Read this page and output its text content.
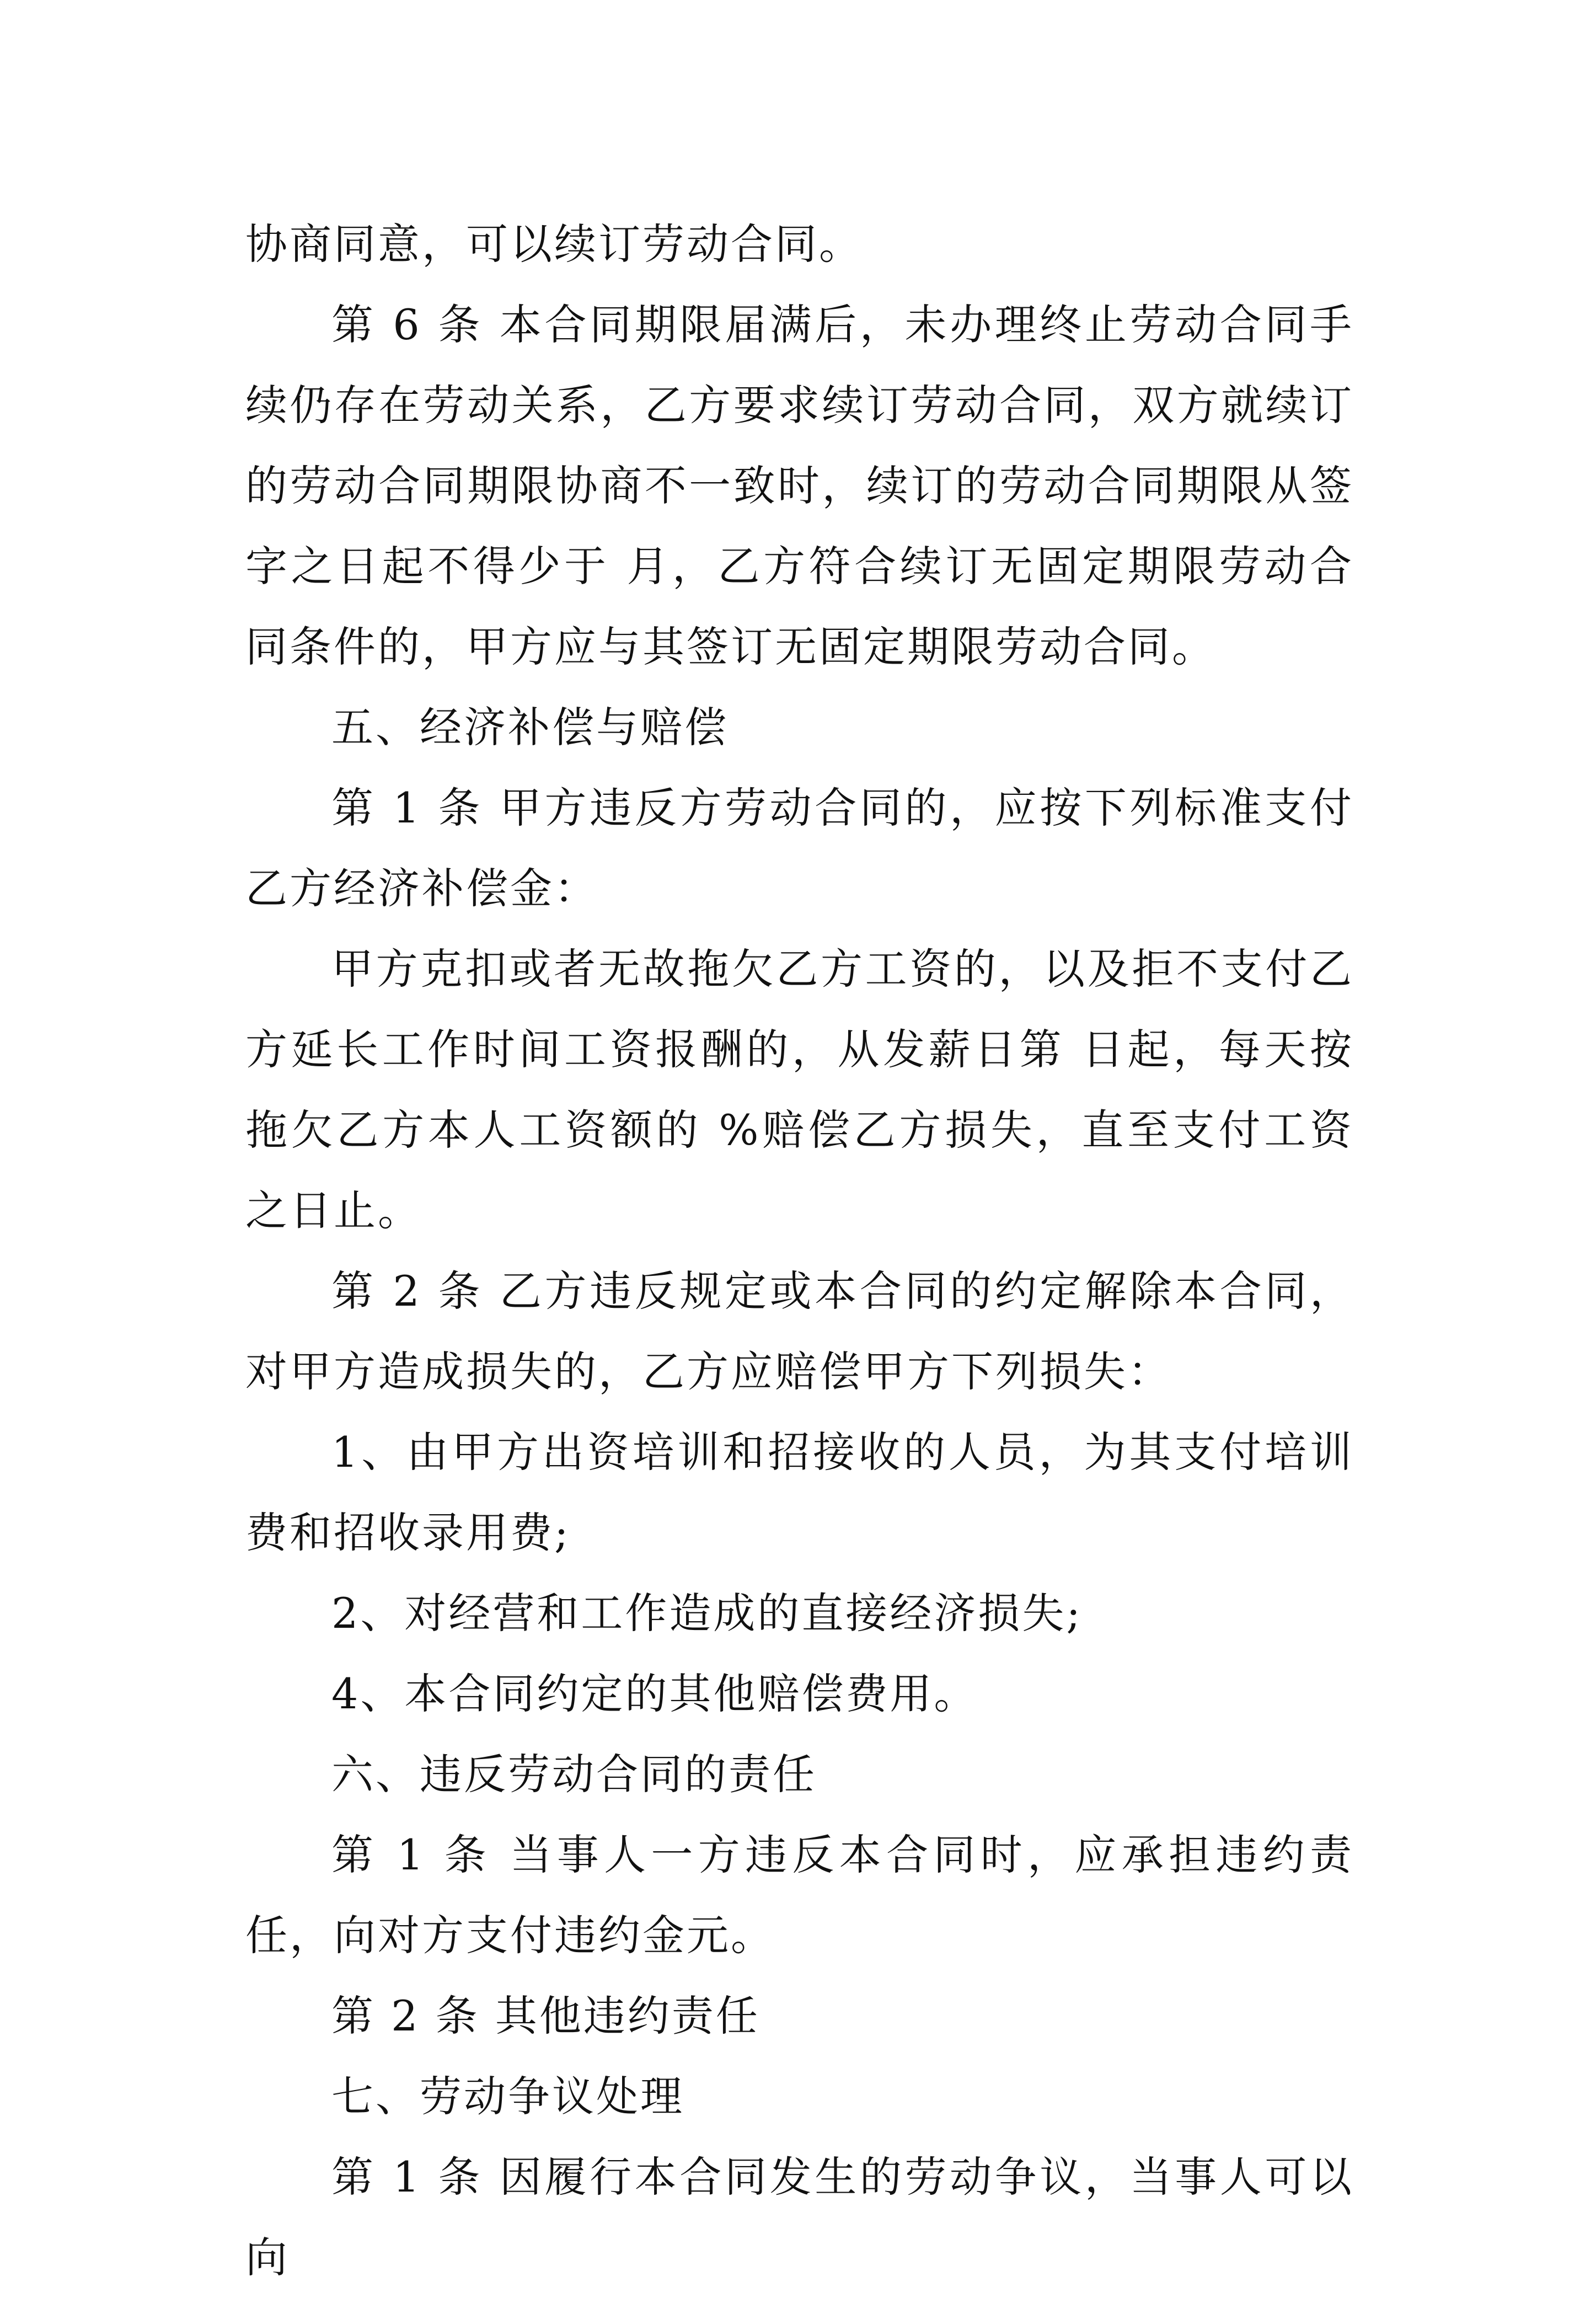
协商同意，可以续订劳动合同。

第 6 条 本合同期限届满后，未办理终止劳动合同手续仍存在劳动关系，乙方要求续订劳动合同，双方就续订的劳动合同期限协商不一致时，续订的劳动合同期限从签字之日起不得少于 月，乙方符合续订无固定期限劳动合同条件的，甲方应与其签订无固定期限劳动合同。

五、经济补偿与赔偿

第 1 条 甲方违反方劳动合同的，应按下列标准支付乙方经济补偿金：

甲方克扣或者无故拖欠乙方工资的，以及拒不支付乙方延长工作时间工资报酬的，从发薪日第 日起，每天按拖欠乙方本人工资额的 %赔偿乙方损失，直至支付工资之日止。

第 2 条 乙方违反规定或本合同的约定解除本合同，对甲方造成损失的，乙方应赔偿甲方下列损失：

1、由甲方出资培训和招接收的人员，为其支付培训费和招收录用费;

2、对经营和工作造成的直接经济损失;

4、本合同约定的其他赔偿费用。

六、违反劳动合同的责任

第 1 条 当事人一方违反本合同时，应承担违约责任，向对方支付违约金元。

第 2 条 其他违约责任

七、劳动争议处理

第 1 条 因履行本合同发生的劳动争议，当事人可以向
